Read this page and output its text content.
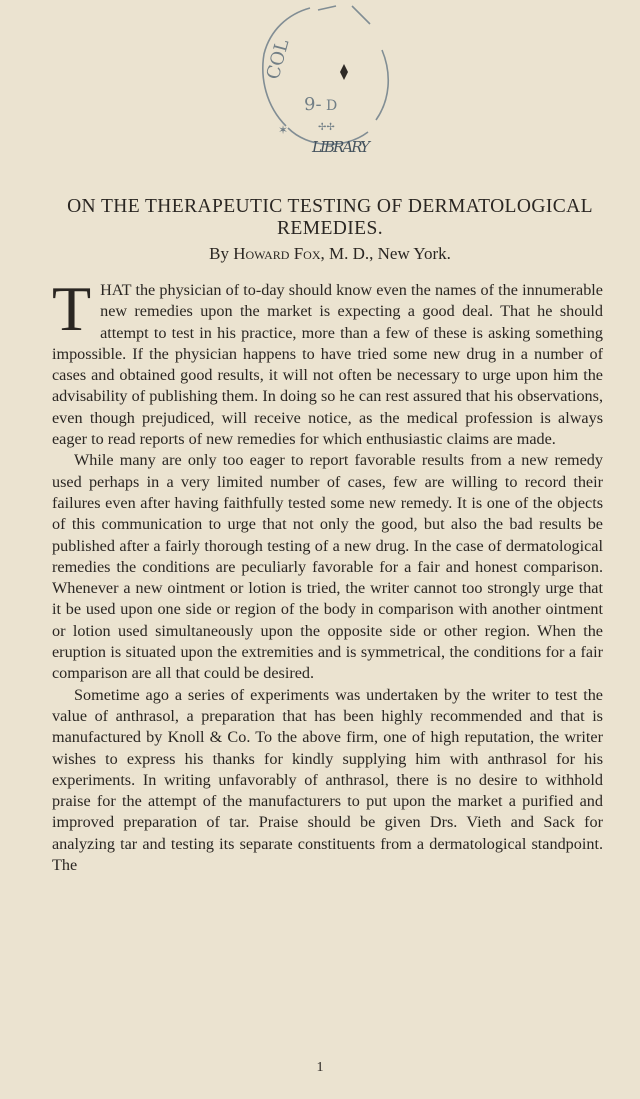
COL
9- D
✢✢
✶
LIBRARY
ON THE THERAPEUTIC TESTING OF DERMATOLOGICAL
REMEDIES.
By Howard Fox, M. D., New York.

THAT the physician of to-day should know even the names of the innumerable new remedies upon the market is expecting a good deal. That he should attempt to test in his practice, more than a few of these is asking something impossible. If the physician happens to have tried some new drug in a number of cases and obtained good results, it will not often be necessary to urge upon him the advisability of publishing them. In doing so he can rest assured that his observations, even though prejudiced, will receive notice, as the medical profession is always eager to read reports of new remedies for which enthusiastic claims are made.

While many are only too eager to report favorable results from a new remedy used perhaps in a very limited number of cases, few are willing to record their failures even after having faithfully tested some new remedy. It is one of the objects of this communication to urge that not only the good, but also the bad results be published after a fairly thorough testing of a new drug. In the case of dermatological remedies the conditions are peculiarly favorable for a fair and honest comparison. Whenever a new ointment or lotion is tried, the writer cannot too strongly urge that it be used upon one side or region of the body in comparison with another ointment or lotion used simultaneously upon the opposite side or other region. When the eruption is situated upon the extremities and is symmetrical, the conditions for a fair comparison are all that could be desired.

Sometime ago a series of experiments was undertaken by the writer to test the value of anthrasol, a preparation that has been highly recommended and that is manufactured by Knoll & Co. To the above firm, one of high reputation, the writer wishes to express his thanks for kindly supplying him with anthrasol for his experiments. In writing unfavorably of anthrasol, there is no desire to withhold praise for the attempt of the manufacturers to put upon the market a purified and improved preparation of tar. Praise should be given Drs. Vieth and Sack for analyzing tar and testing its separate constituents from a dermatological standpoint. The

1
